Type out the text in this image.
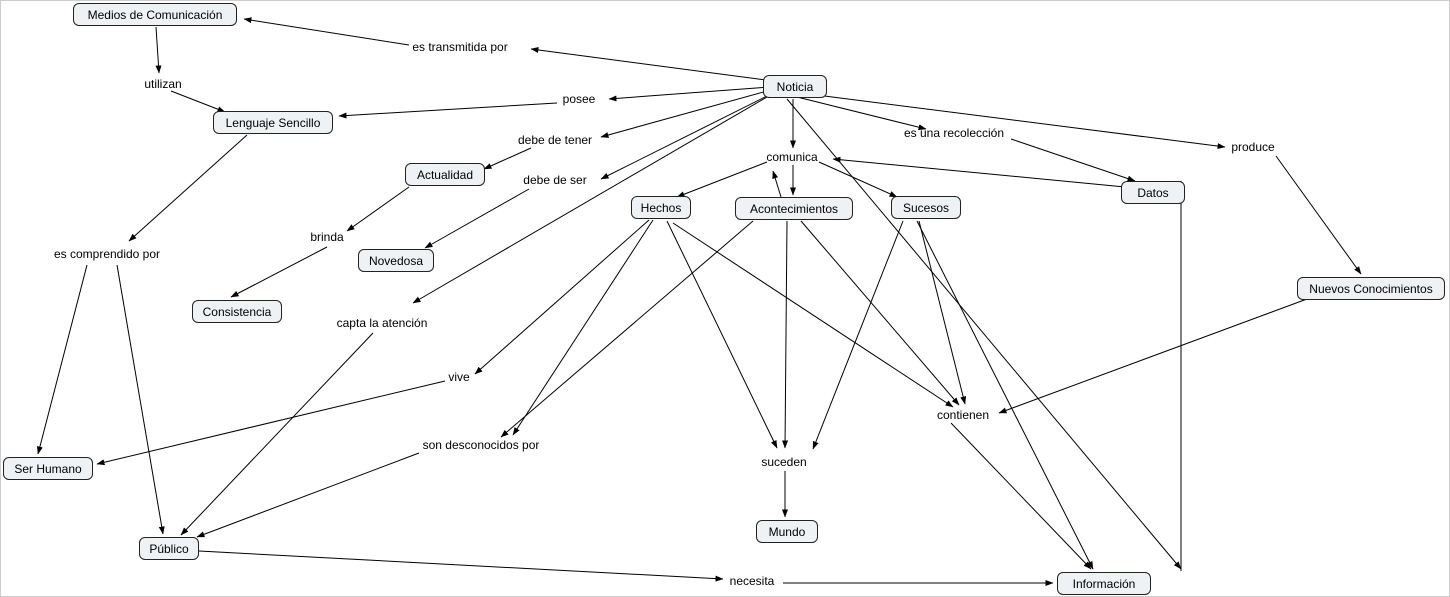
Medios de Comunicación
Noticia
Lenguaje Sencillo
Actualidad
Datos
Hechos	Acontecimientos	Sucesos
Novedosa
Nuevos Conocimientos
Consistencia
Ser Humano
Mundo
Público
Información
es transmitida por
utilizan
posee
es una recolección
debe de tener	produce
comunica
debe de ser
brinda
es comprendido por
capta la atención
vive
contienen
son desconocidos por
suceden
necesita
